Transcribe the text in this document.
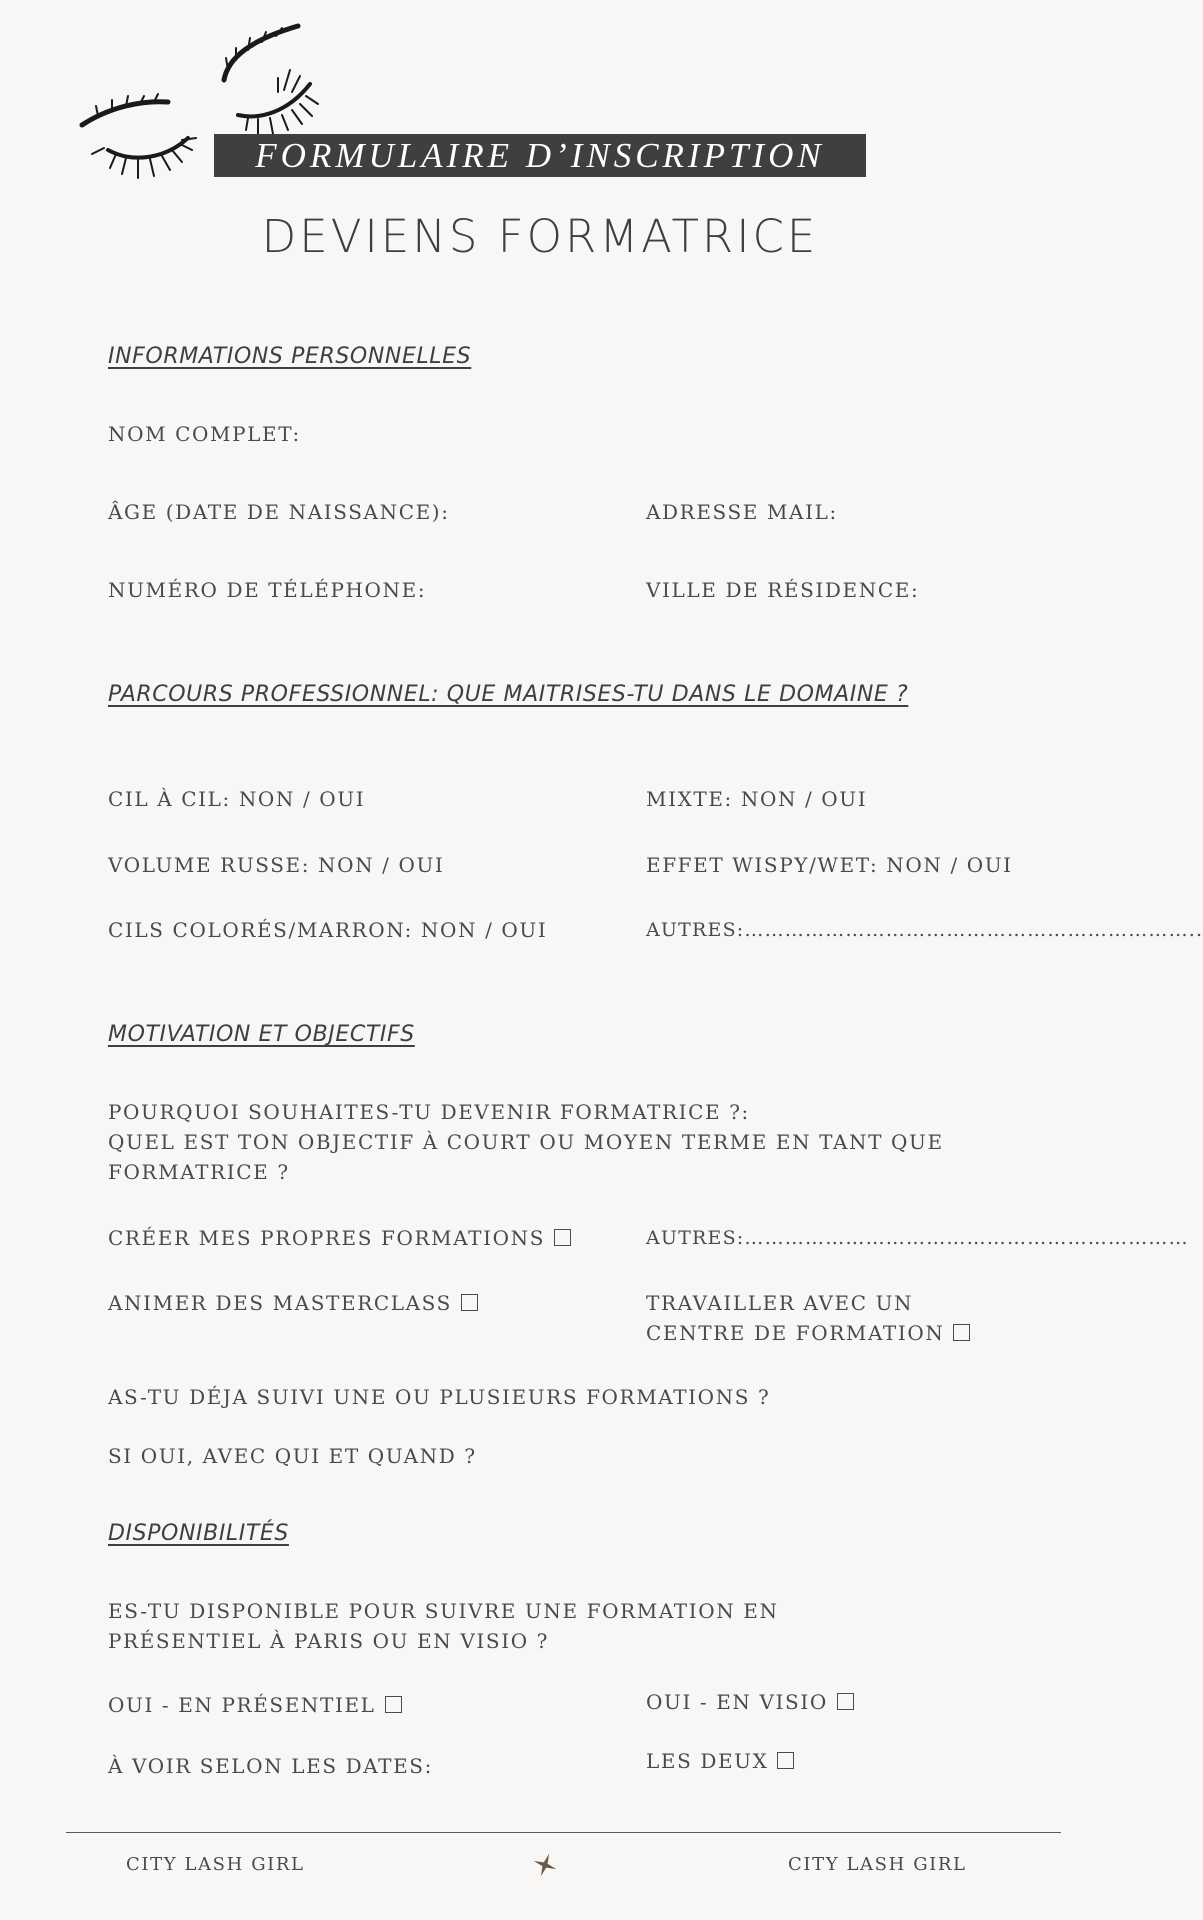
FORMULAIRE D’INSCRIPTION
DEVIENS FORMATRICE
INFORMATIONS PERSONNELLES
NOM COMPLET:
ÂGE (DATE DE NAISSANCE):	ADRESSE MAIL:
NUMÉRO DE TÉLÉPHONE:	VILLE DE RÉSIDENCE:
PARCOURS PROFESSIONNEL: QUE MAITRISES-TU DANS LE DOMAINE ?
CIL À CIL: NON / OUI	MIXTE: NON / OUI
VOLUME RUSSE: NON / OUI	EFFET WISPY/WET: NON / OUI
CILS COLORÉS/MARRON: NON / OUI	AUTRES:…………………………………………………………..
MOTIVATION ET OBJECTIFS
POURQUOI SOUHAITES-TU DEVENIR FORMATRICE ?:
QUEL EST TON OBJECTIF À COURT OU MOYEN TERME EN TANT QUE
FORMATRICE ?
CRÉER MES PROPRES FORMATIONS	AUTRES:…………………………………………………………
ANIMER DES MASTERCLASS	TRAVAILLER AVEC UN
CENTRE DE FORMATION
AS-TU DÉJA SUIVI UNE OU PLUSIEURS FORMATIONS ?
SI OUI, AVEC QUI ET QUAND ?
DISPONIBILITÉS
ES-TU DISPONIBLE POUR SUIVRE UNE FORMATION EN
PRÉSENTIEL À PARIS OU EN VISIO ?
OUI - EN PRÉSENTIEL	OUI - EN VISIO
À VOIR SELON LES DATES:	LES DEUX
CITY LASH GIRL	CITY LASH GIRL
